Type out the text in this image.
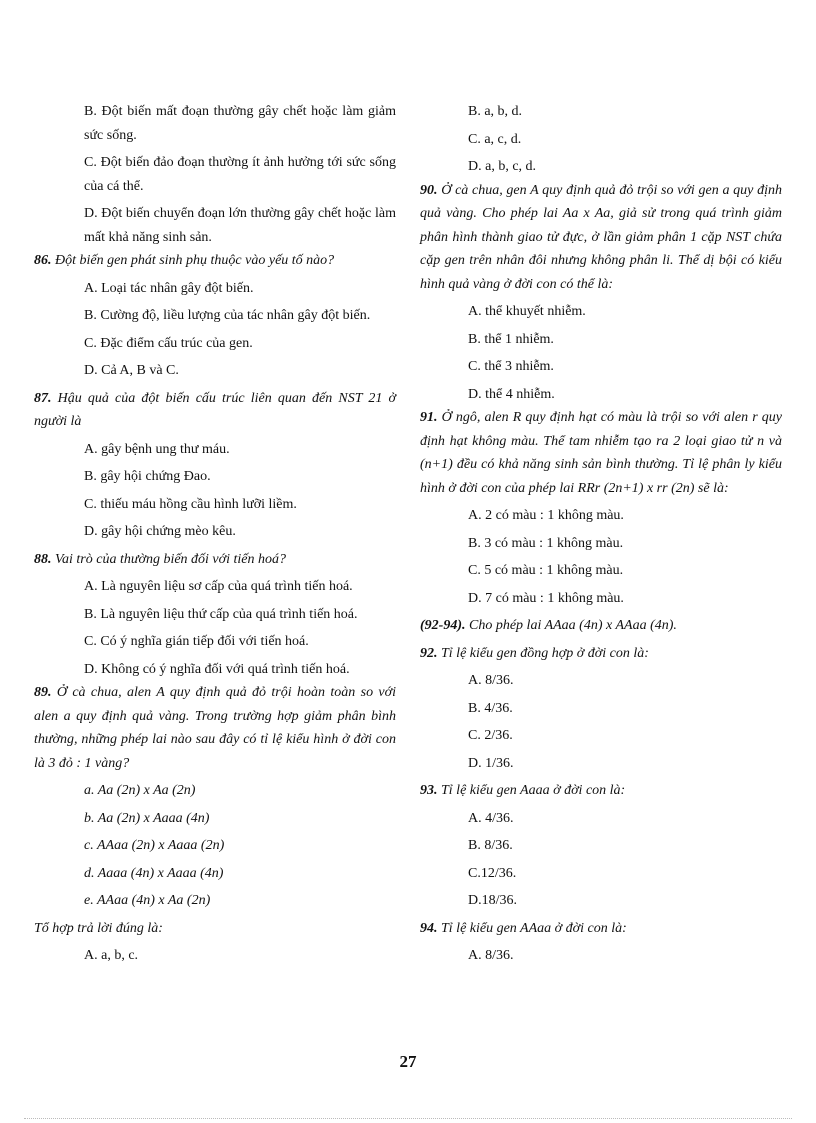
B. Đột biến mất đoạn thường gây chết hoặc làm giảm sức sống.

C. Đột biến đảo đoạn thường ít ảnh hưởng tới sức sống của cá thể.

D. Đột biến chuyển đoạn lớn thường gây chết hoặc làm mất khả năng sinh sản.

86. Đột biến gen phát sinh phụ thuộc vào yếu tố nào?

A. Loại tác nhân gây đột biến.

B. Cường độ, liều lượng của tác nhân gây đột biến.

C. Đặc điểm cấu trúc của gen.

D. Cả A, B và C.

87. Hậu quả của đột biến cấu trúc liên quan đến NST 21 ở người là

A. gây bệnh ung thư máu.

B. gây hội chứng Đao.

C. thiếu máu hồng cầu hình lưỡi liềm.

D. gây hội chứng mèo kêu.

88. Vai trò của thường biến đối với tiến hoá?

A. Là nguyên liệu sơ cấp của quá trình tiến hoá.

B. Là nguyên liệu thứ cấp của quá trình tiến hoá.

C. Có ý nghĩa gián tiếp đối với tiến hoá.

D. Không có ý nghĩa đối với quá trình tiến hoá.

89. Ở cà chua, alen A quy định quả đỏ trội hoàn toàn so với alen a quy định quả vàng. Trong trường hợp giảm phân bình thường, những phép lai nào sau đây có tỉ lệ kiểu hình ở đời con là 3 đỏ : 1 vàng?

a. Aa (2n) x Aa (2n)

b. Aa (2n) x Aaaa (4n)

c. AAaa (2n) x Aaaa (2n)

d. Aaaa (4n) x Aaaa (4n)

e. AAaa (4n) x Aa (2n)

Tổ hợp trả lời đúng là:

A. a, b, c.

B. a, b, d.

C. a, c, d.

D. a, b, c, d.

90. Ở cà chua, gen A quy định quả đỏ trội so với gen a quy định quả vàng. Cho phép lai Aa x Aa, giả sử trong quá trình giảm phân hình thành giao tử đực, ở lần giảm phân 1 cặp NST chứa cặp gen trên nhân đôi nhưng không phân li. Thể dị bội có kiểu hình quả vàng ở đời con có thể là:

A. thể khuyết nhiễm.

B. thể 1 nhiễm.

C. thể 3 nhiễm.

D. thể 4 nhiễm.

91. Ở ngô, alen R quy định hạt có màu là trội so với alen r quy định hạt không màu. Thể tam nhiễm tạo ra 2 loại giao tử n và (n+1) đều có khả năng sinh sản bình thường. Tỉ lệ phân ly kiểu hình ở đời con của phép lai RRr (2n+1) x rr (2n) sẽ là:

A. 2 có màu : 1 không màu.

B. 3 có màu : 1 không màu.

C. 5 có màu : 1 không màu.

D. 7 có màu : 1 không màu.

(92-94). Cho phép lai AAaa (4n) x AAaa (4n).

92. Tỉ lệ kiểu gen đồng hợp ở đời con là:

A. 8/36.

B. 4/36.

C. 2/36.

D. 1/36.

93. Tỉ lệ kiểu gen Aaaa ở đời con là:

A. 4/36.

B. 8/36.

C.12/36.

D.18/36.

94. Tỉ lệ kiểu gen AAaa ở đời con là:

A. 8/36.

27
